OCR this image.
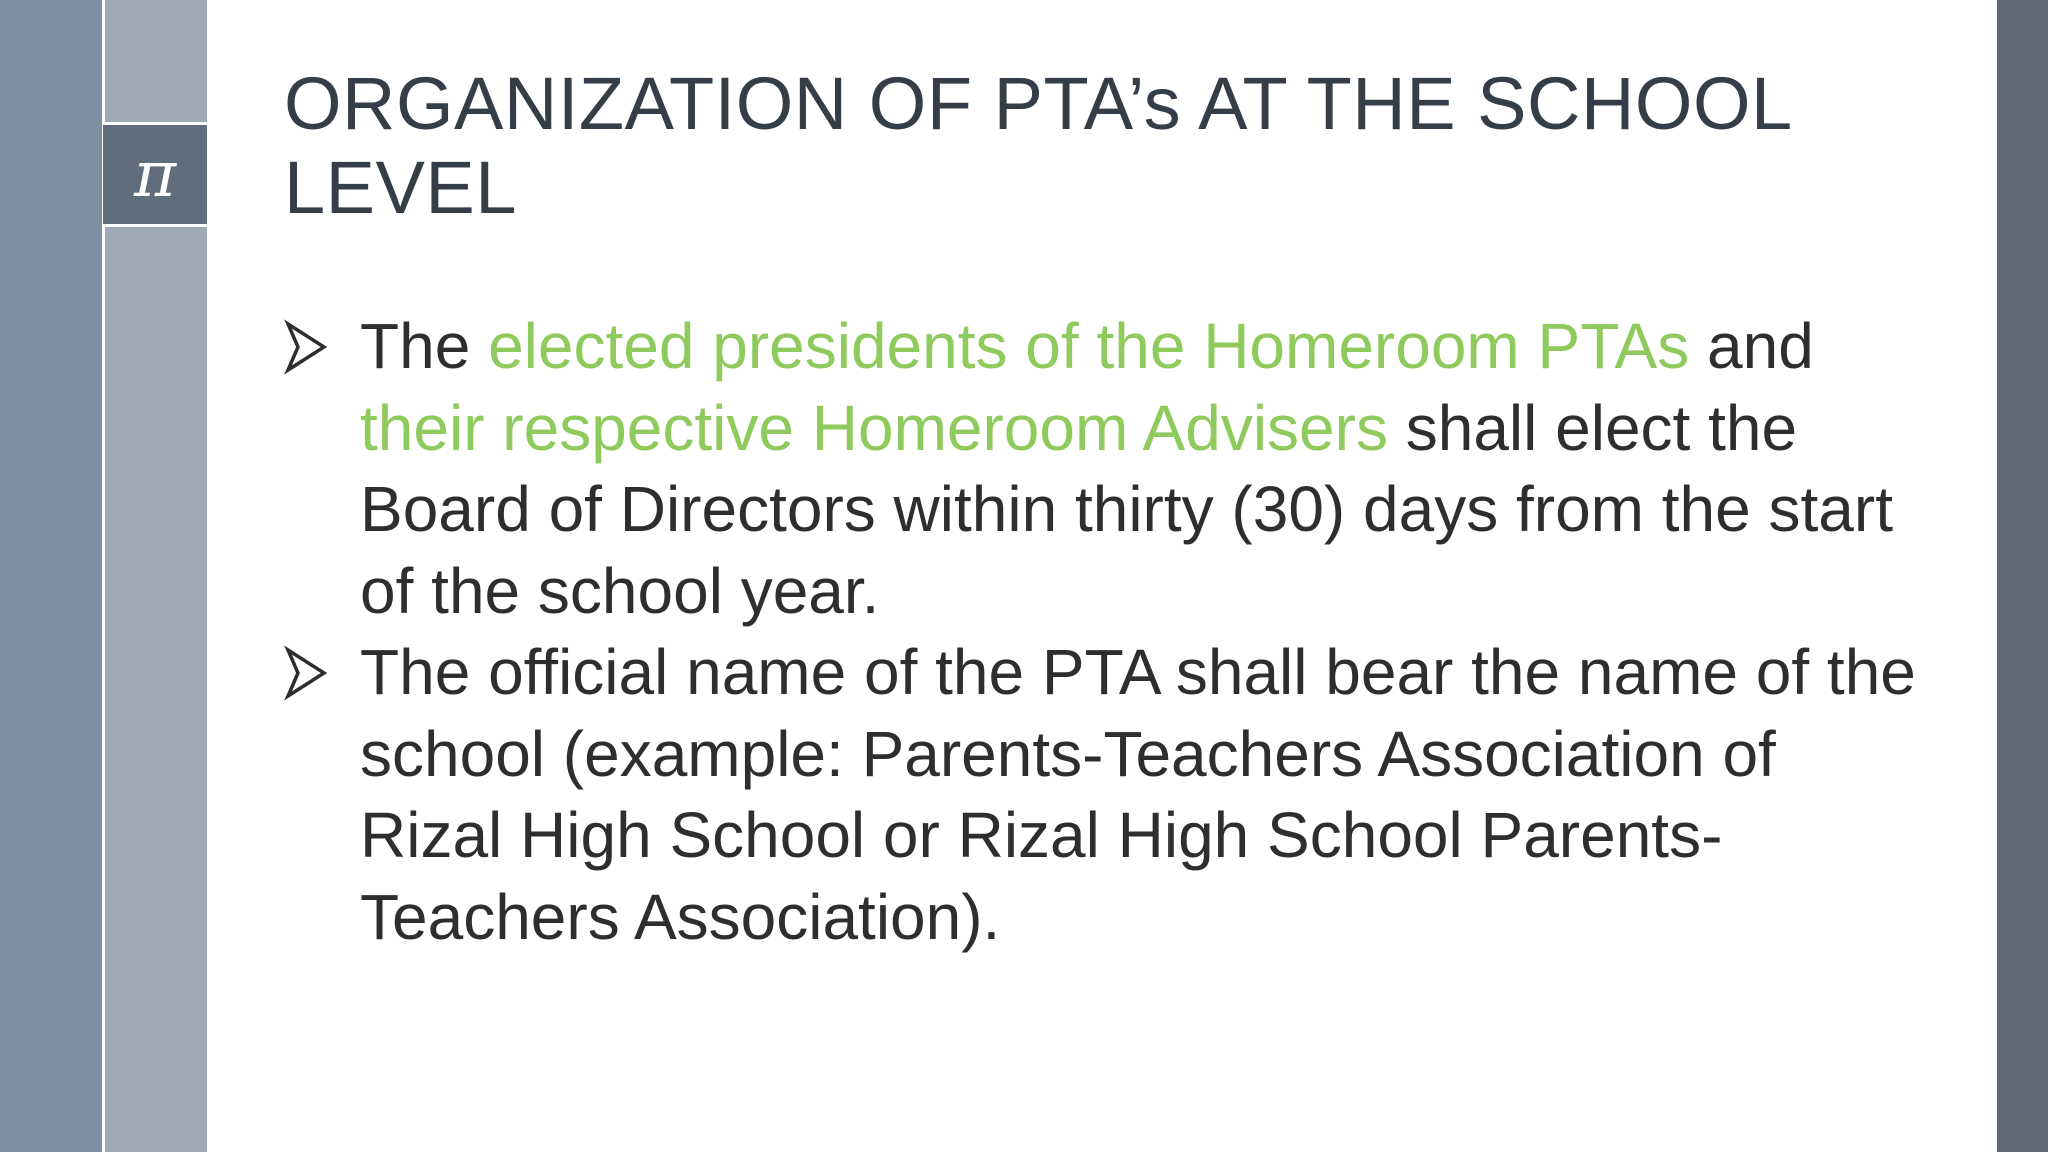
π
ORGANIZATION OF PTA’s AT THE SCHOOL LEVEL
The elected presidents of the Homeroom PTAs and their respective Homeroom Advisers shall elect the Board of Directors within thirty (30) days from the start of the school year.
The official name of the PTA shall bear the name of the school (example: Parents-Teachers Association of Rizal High School or Rizal High School Parents-Teachers Association).
